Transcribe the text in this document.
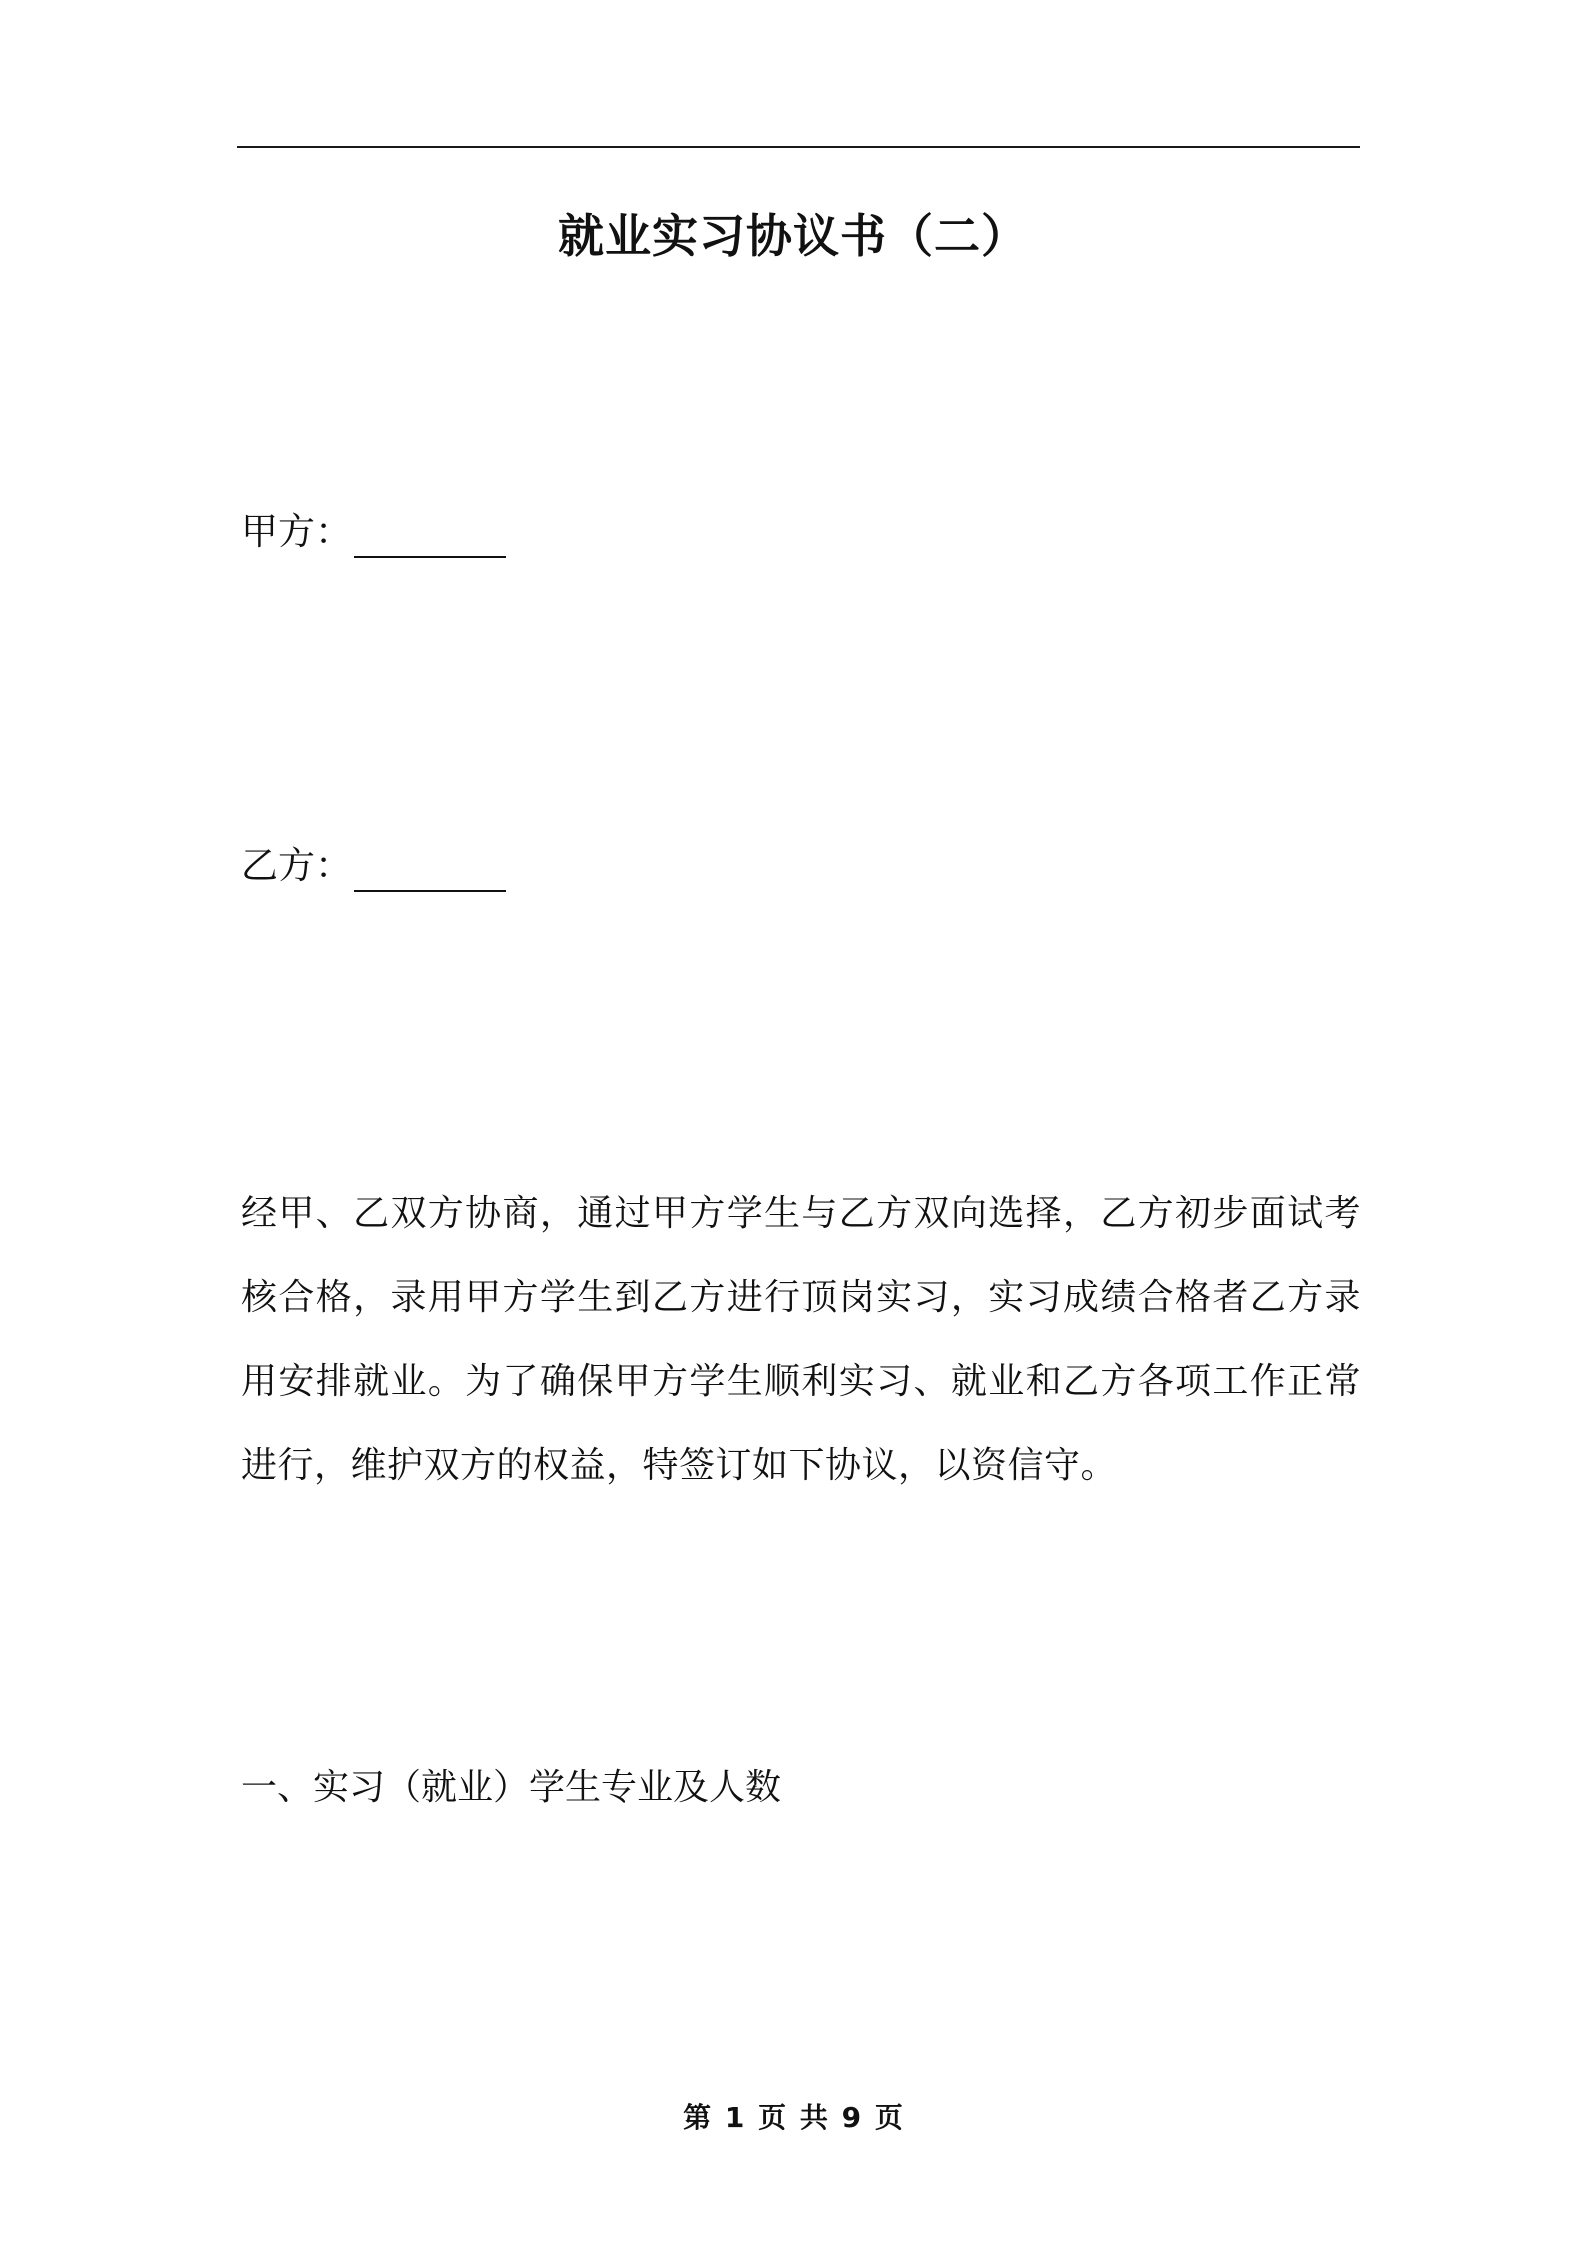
就业实习协议书（二）
甲方：
乙方：
经甲、乙双方协商，通过甲方学生与乙方双向选择，乙方初步面试考核合格，录用甲方学生到乙方进行顶岗实习，实习成绩合格者乙方录用安排就业。为了确保甲方学生顺利实习、就业和乙方各项工作正常进行，维护双方的权益，特签订如下协议，以资信守。
一、实习（就业）学生专业及人数
第 1 页 共 9 页
